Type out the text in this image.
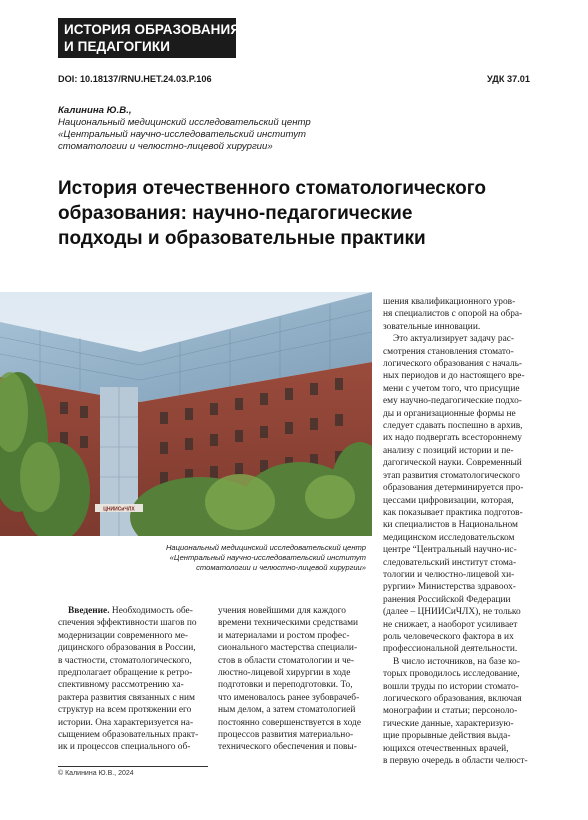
ИСТОРИЯ ОБРАЗОВАНИЯ
И ПЕДАГОГИКИ
DOI: 10.18137/RNU.HET.24.03.P.106	УДК 37.01
Калинина Ю.В.,
Национальный медицинский исследовательский центр
«Центральный научно-исследовательский институт
стоматологии и челюстно-лицевой хирургии»
История отечественного стоматологического
образования: научно-педагогические
подходы и образовательные практики
ЦНИИСиЧЛХ
Национальный медицинский исследовательский центр
«Центральный научно-исследовательский институт
стоматологии и челюстно-лицевой хирургии»
Введение. Необходимость обе-
спечения эффективности шагов по
модернизации современного ме-
дицинского образования в России,
в частности, стоматологического,
предполагает обращение к ретро-
спективному рассмотрению ха-
рактера развития связанных с ним
структур на всем протяжении его
истории. Она характеризуется на-
сыщением образовательных практ-
ик и процессов специального об-
учения новейшими для каждого
времени техническими средствами
и материалами и ростом профес-
сионального мастерства специали-
стов в области стоматологии и че-
люстно-лицевой хирургии в ходе
подготовки и переподготовки. То,
что именовалось ранее зубоврачеб-
ным делом, а затем стоматологией
постоянно совершенствуется в ходе
процессов развития материально-
технического обеспечения и повы-
шения квалификационного уров-
ня специалистов с опорой на обра-
зовательные инновации.
Это актуализирует задачу рас-
смотрения становления стомато-
логического образования с началь-
ных периодов и до настоящего вре-
мени с учетом того, что присущие
ему научно-педагогические подхо-
ды и организационные формы не
следует сдавать поспешно в архив,
их надо подвергать всестороннему
анализу с позиций истории и пе-
дагогической науки. Современный
этап развития стоматологического
образования детерминируется про-
цессами цифровизации, которая,
как показывает практика подготов-
ки специалистов в Национальном
медицинском исследовательском
центре “Центральный научно-ис-
следовательский институт стома-
тологии и челюстно-лицевой хи-
рургии» Министерства здравоох-
ранения Российской Федерации
(далее – ЦНИИСиЧЛХ), не только
не снижает, а наоборот усиливает
роль человеческого фактора в их
профессиональной деятельности.
В число источников, на базе ко-
торых проводилось исследование,
вошли труды по истории стомато-
логического образования, включая
монографии и статьи; персоноло-
гические данные, характеризую-
щие прорывные действия выда-
ющихся отечественных врачей,
в первую очередь в области челюст-
© Калинина Ю.В., 2024
